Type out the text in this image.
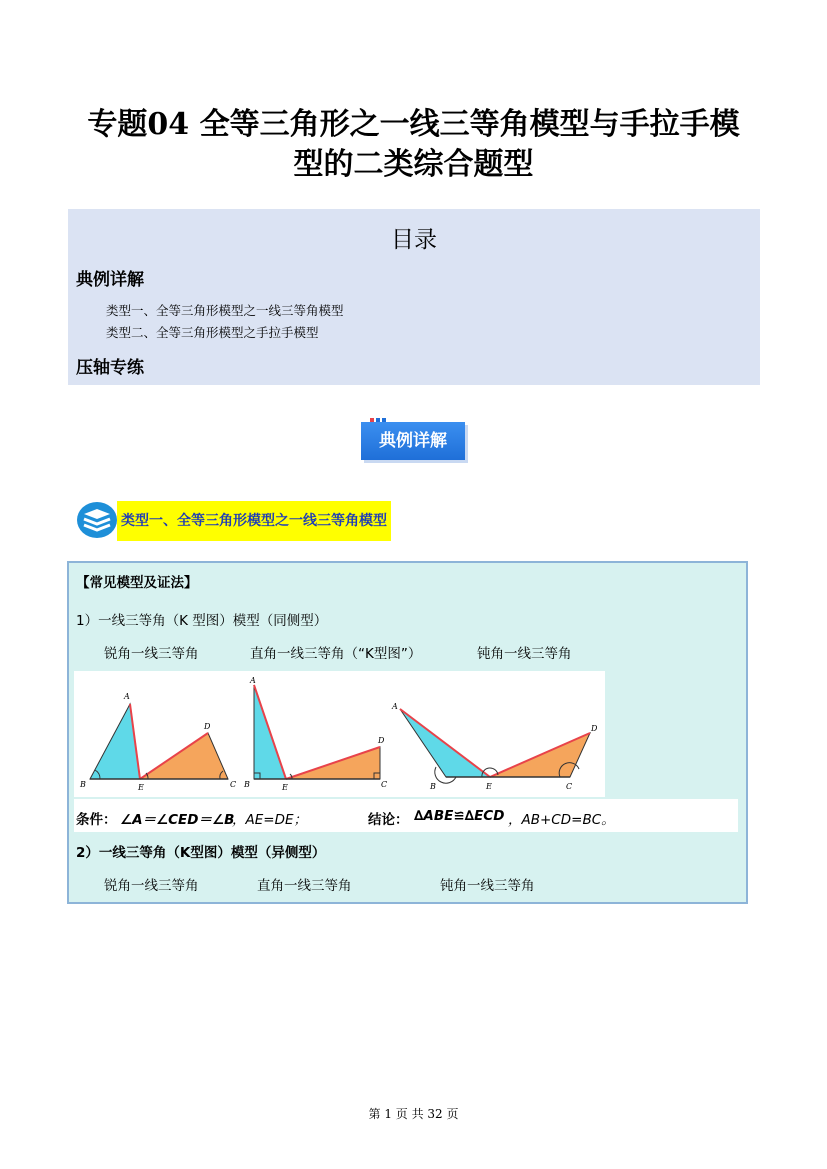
专题04 全等三角形之一线三等角模型与手拉手模
型的二类综合题型
目录
典例详解
类型一、全等三角形模型之一线三等角模型
类型二、全等三角形模型之手拉手模型
压轴专练
典例详解
类型一、全等三角形模型之一线三等角模型
【常见模型及证法】
1）一线三等角（K 型图）模型（同侧型）
锐角一线三等角	直角一线三等角（“K型图”）	钝角一线三等角
A
B	E
D
C
A
B	E
D
C
A
B	E
D
C
条件： ∠A＝∠CED＝∠B
，AE=DE；	结论： ∆ABE≌∆ECD ，AB+CD=BC。
2）一线三等角（K型图）模型（异侧型）
锐角一线三等角	直角一线三等角	钝角一线三等角
第 1 页 共 32 页
